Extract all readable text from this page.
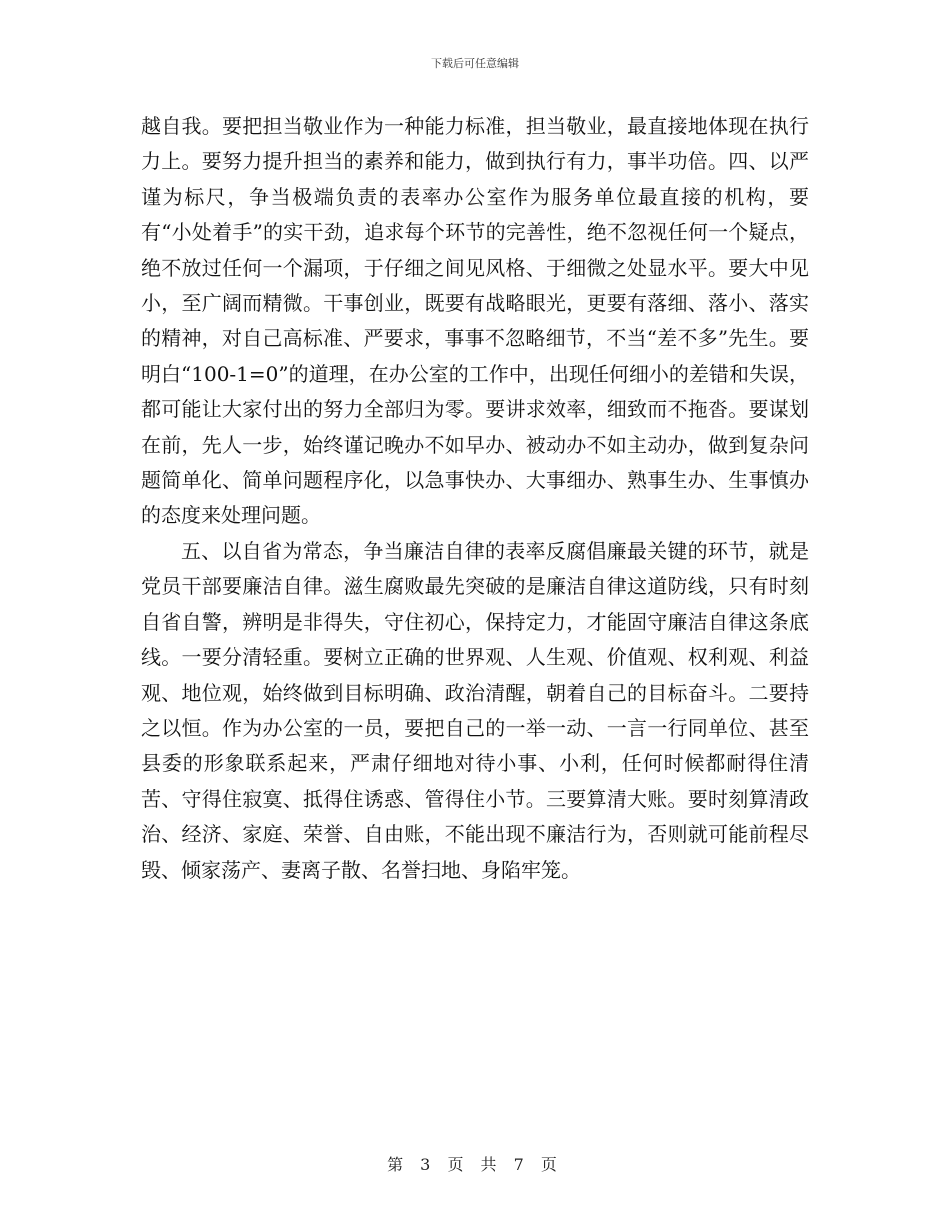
下载后可任意编辑

越自我。要把担当敬业作为一种能力标准，担当敬业，最直接地体现在执行力上。要努力提升担当的素养和能力，做到执行有力，事半功倍。四、以严谨为标尺，争当极端负责的表率办公室作为服务单位最直接的机构，要有“小处着手”的实干劲，追求每个环节的完善性，绝不忽视任何一个疑点，绝不放过任何一个漏项，于仔细之间见风格、于细微之处显水平。要大中见小，至广阔而精微。干事创业，既要有战略眼光，更要有落细、落小、落实的精神，对自己高标准、严要求，事事不忽略细节，不当“差不多”先生。要明白“100-1=0”的道理，在办公室的工作中，出现任何细小的差错和失误，都可能让大家付出的努力全部归为零。要讲求效率，细致而不拖沓。要谋划在前，先人一步，始终谨记晚办不如早办、被动办不如主动办，做到复杂问题简单化、简单问题程序化，以急事快办、大事细办、熟事生办、生事慎办的态度来处理问题。

五、以自省为常态，争当廉洁自律的表率反腐倡廉最关键的环节，就是党员干部要廉洁自律。滋生腐败最先突破的是廉洁自律这道防线，只有时刻自省自警，辨明是非得失，守住初心，保持定力，才能固守廉洁自律这条底线。一要分清轻重。要树立正确的世界观、人生观、价值观、权利观、利益观、地位观，始终做到目标明确、政治清醒，朝着自己的目标奋斗。二要持之以恒。作为办公室的一员，要把自己的一举一动、一言一行同单位、甚至县委的形象联系起来，严肃仔细地对待小事、小利，任何时候都耐得住清苦、守得住寂寞、抵得住诱惑、管得住小节。三要算清大账。要时刻算清政治、经济、家庭、荣誉、自由账，不能出现不廉洁行为，否则就可能前程尽毁、倾家荡产、妻离子散、名誉扫地、身陷牢笼。

第 3 页 共 7 页
